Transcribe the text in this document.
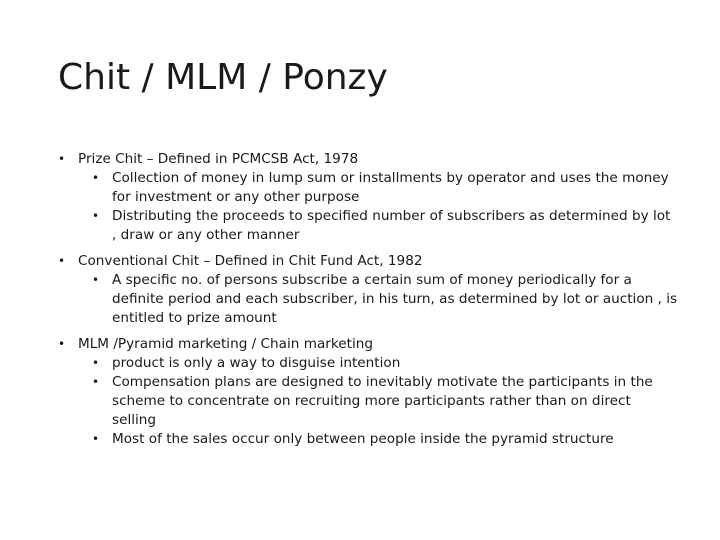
Chit / MLM / Ponzy
• Prize Chit – Defined in PCMCSB Act, 1978
• Collection of money in lump sum or installments by operator and uses the money for investment or any other purpose
• Distributing the proceeds to specified number of subscribers as determined by lot , draw or any other manner
• Conventional Chit – Defined in Chit Fund Act, 1982
• A specific no. of persons subscribe a certain sum of money periodically for a definite period and each subscriber, in his turn, as determined by lot or auction , is entitled to prize amount
• MLM /Pyramid marketing / Chain marketing
• product is only a way to disguise intention
• Compensation plans are designed to inevitably motivate the participants in the scheme to concentrate on recruiting more participants rather than on direct selling
• Most of the sales occur only between people inside the pyramid structure
